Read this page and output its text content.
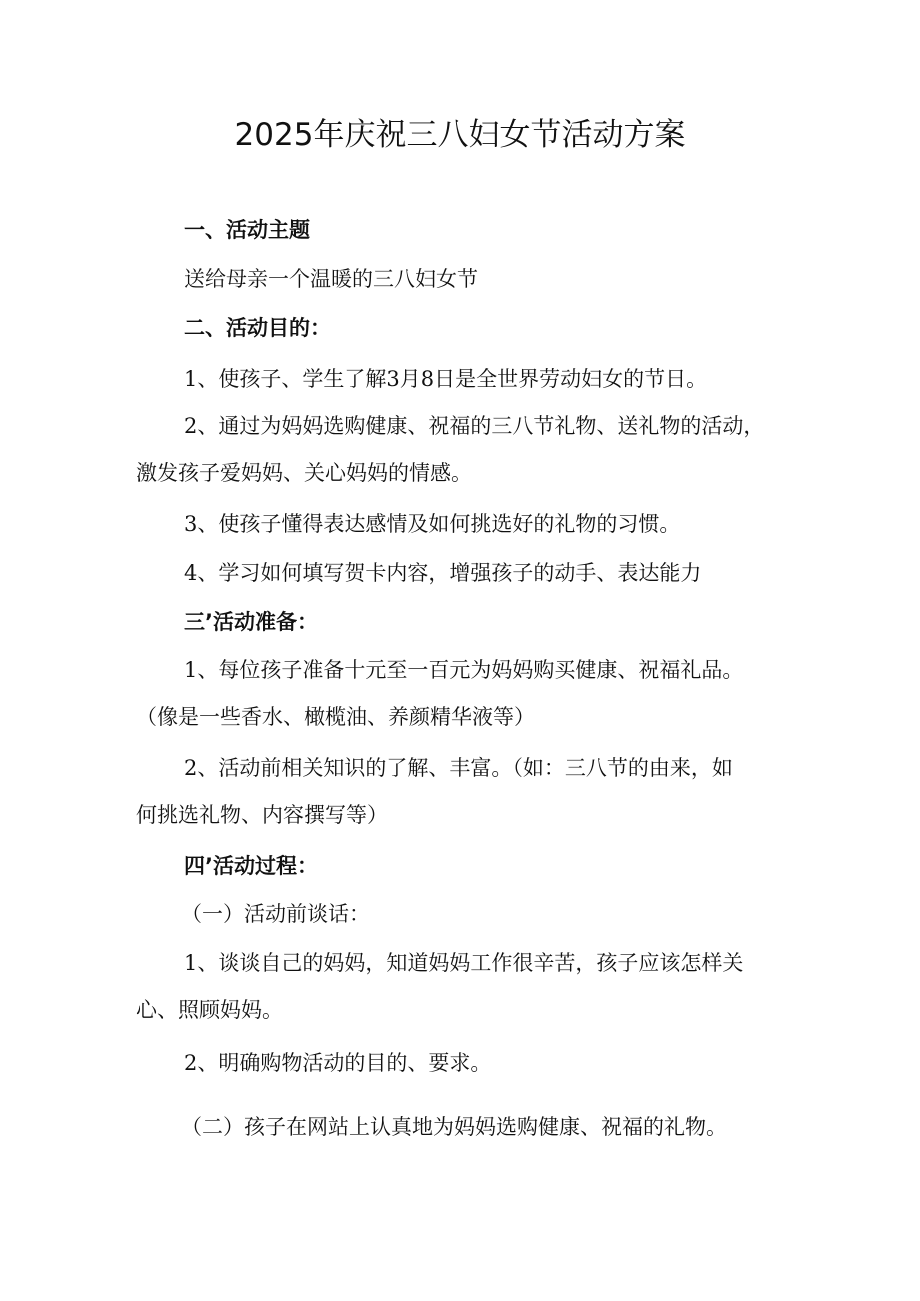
2025年庆祝三八妇女节活动方案
一、活动主题
送给母亲一个温暖的三八妇女节
二、活动目的：
1、使孩子、学生了解3月8日是全世界劳动妇女的节日。
2、通过为妈妈选购健康、祝福的三八节礼物、送礼物的活动，
激发孩子爱妈妈、关心妈妈的情感。
3、使孩子懂得表达感情及如何挑选好的礼物的习惯。
4、学习如何填写贺卡内容，增强孩子的动手、表达能力
三’活动准备：
1、每位孩子准备十元至一百元为妈妈购买健康、祝福礼品。
（像是一些香水、橄榄油、养颜精华液等）
2、活动前相关知识的了解、丰富。（如：三八节的由来，如
何挑选礼物、内容撰写等）
四’活动过程：
（一）活动前谈话：
1、谈谈自己的妈妈，知道妈妈工作很辛苦，孩子应该怎样关
心、照顾妈妈。
2、明确购物活动的目的、要求。
（二）孩子在网站上认真地为妈妈选购健康、祝福的礼物。
